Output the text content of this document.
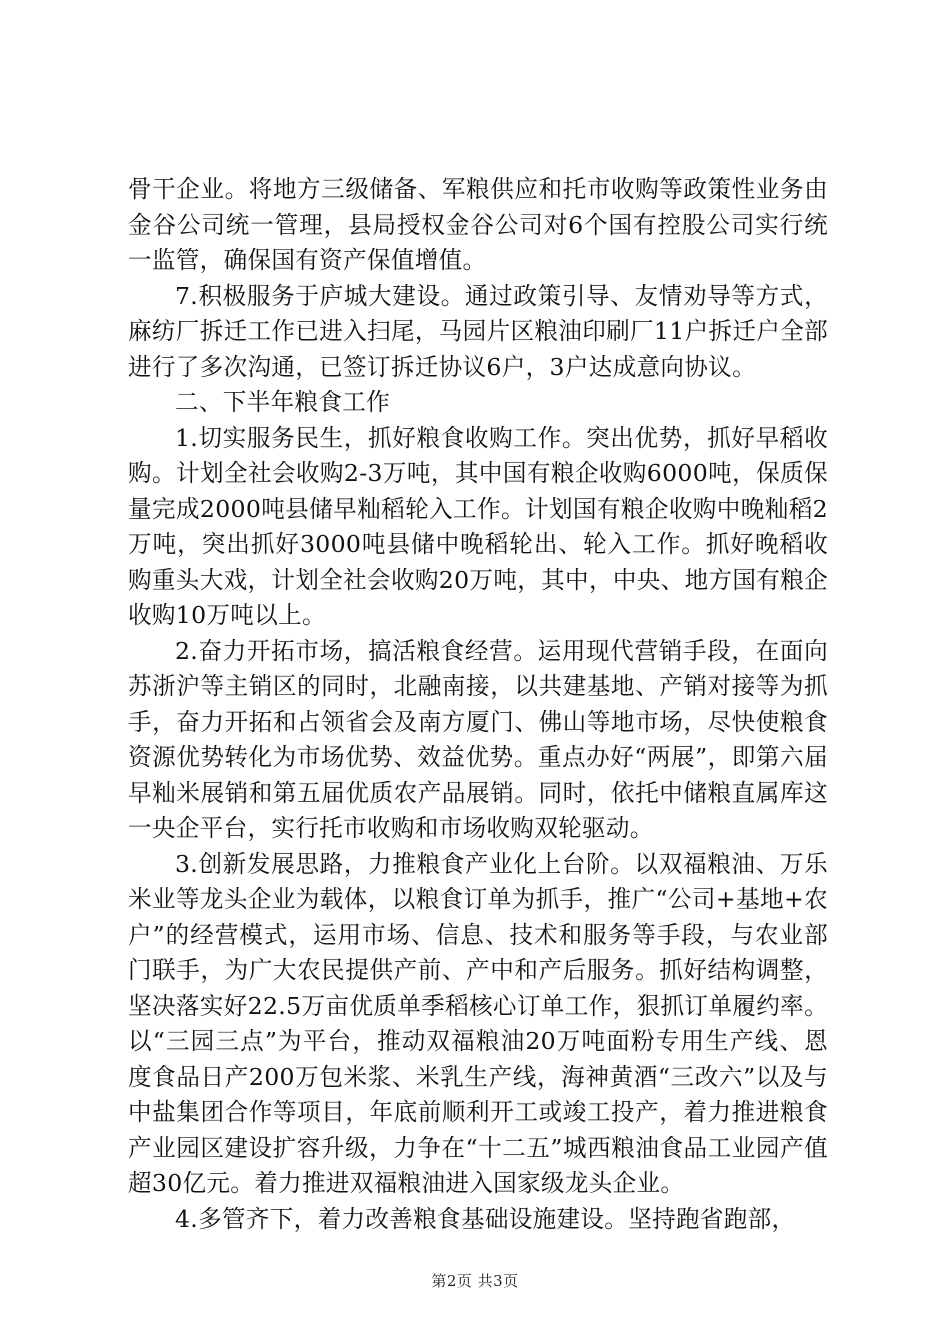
骨干企业。将地方三级储备、军粮供应和托市收购等政策性业务由金谷公司统一管理，县局授权金谷公司对6个国有控股公司实行统一监管，确保国有资产保值增值。

7.积极服务于庐城大建设。通过政策引导、友情劝导等方式，麻纺厂拆迁工作已进入扫尾，马园片区粮油印刷厂11户拆迁户全部进行了多次沟通，已签订拆迁协议6户，3户达成意向协议。

二、下半年粮食工作

1.切实服务民生，抓好粮食收购工作。突出优势，抓好早稻收购。计划全社会收购2-3万吨，其中国有粮企收购6000吨，保质保量完成2000吨县储早籼稻轮入工作。计划国有粮企收购中晚籼稻2万吨，突出抓好3000吨县储中晚稻轮出、轮入工作。抓好晚稻收购重头大戏，计划全社会收购20万吨，其中，中央、地方国有粮企收购10万吨以上。

2.奋力开拓市场，搞活粮食经营。运用现代营销手段，在面向苏浙沪等主销区的同时，北融南接，以共建基地、产销对接等为抓手，奋力开拓和占领省会及南方厦门、佛山等地市场，尽快使粮食资源优势转化为市场优势、效益优势。重点办好“两展”，即第六届早籼米展销和第五届优质农产品展销。同时，依托中储粮直属库这一央企平台，实行托市收购和市场收购双轮驱动。

3.创新发展思路，力推粮食产业化上台阶。以双福粮油、万乐米业等龙头企业为载体，以粮食订单为抓手，推广“公司+基地+农户”的经营模式，运用市场、信息、技术和服务等手段，与农业部门联手，为广大农民提供产前、产中和产后服务。抓好结构调整，坚决落实好22.5万亩优质单季稻核心订单工作，狠抓订单履约率。以“三园三点”为平台，推动双福粮油20万吨面粉专用生产线、恩度食品日产200万包米浆、米乳生产线，海神黄酒“三改六”以及与中盐集团合作等项目，年底前顺利开工或竣工投产，着力推进粮食产业园区建设扩容升级，力争在“十二五”城西粮油食品工业园产值超30亿元。着力推进双福粮油进入国家级龙头企业。

4.多管齐下，着力改善粮食基础设施建设。坚持跑省跑部，

第2页 共3页
